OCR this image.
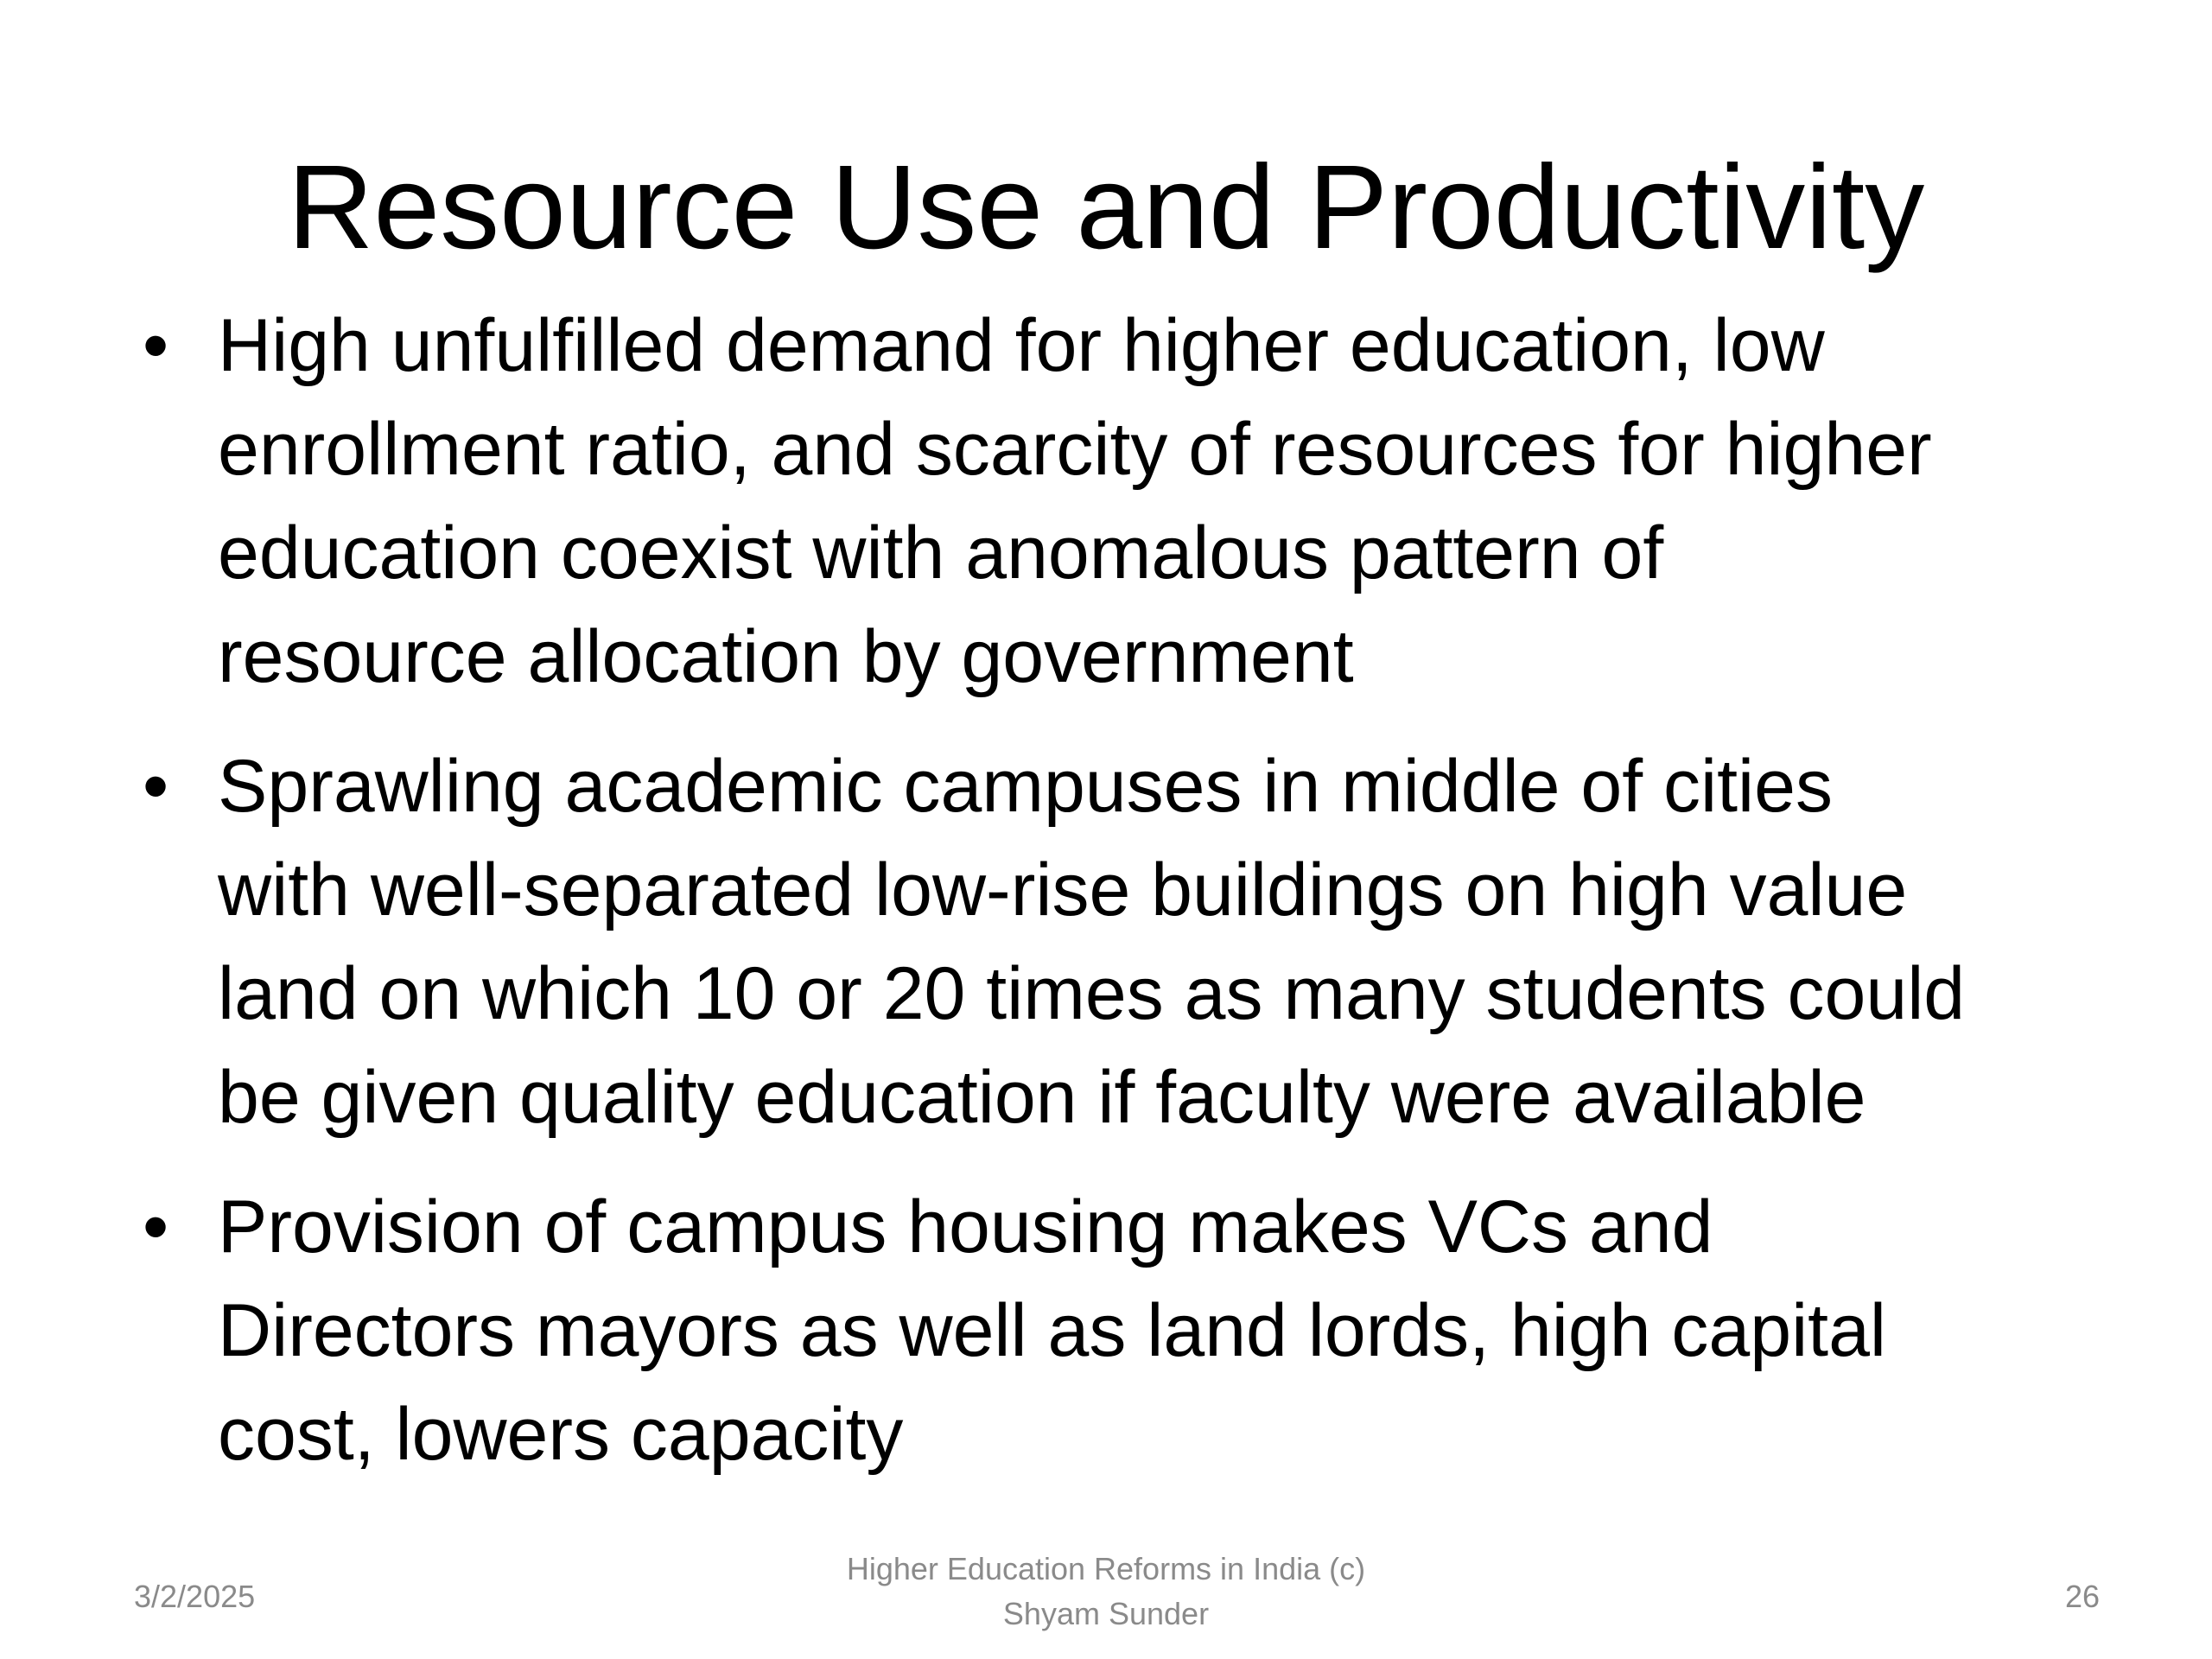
Resource Use and Productivity
• High unfulfilled demand for higher education, low
enrollment ratio, and scarcity of resources for higher
education coexist with anomalous pattern of
resource allocation by government
• Sprawling academic campuses in middle of cities
with well-separated low-rise buildings on high value
land on which 10 or 20 times as many students could
be given quality education if faculty were available
• Provision of campus housing makes VCs and
Directors mayors as well as land lords, high capital
cost, lowers capacity
3/2/2025
Higher Education Reforms in India (c)
Shyam Sunder	26
